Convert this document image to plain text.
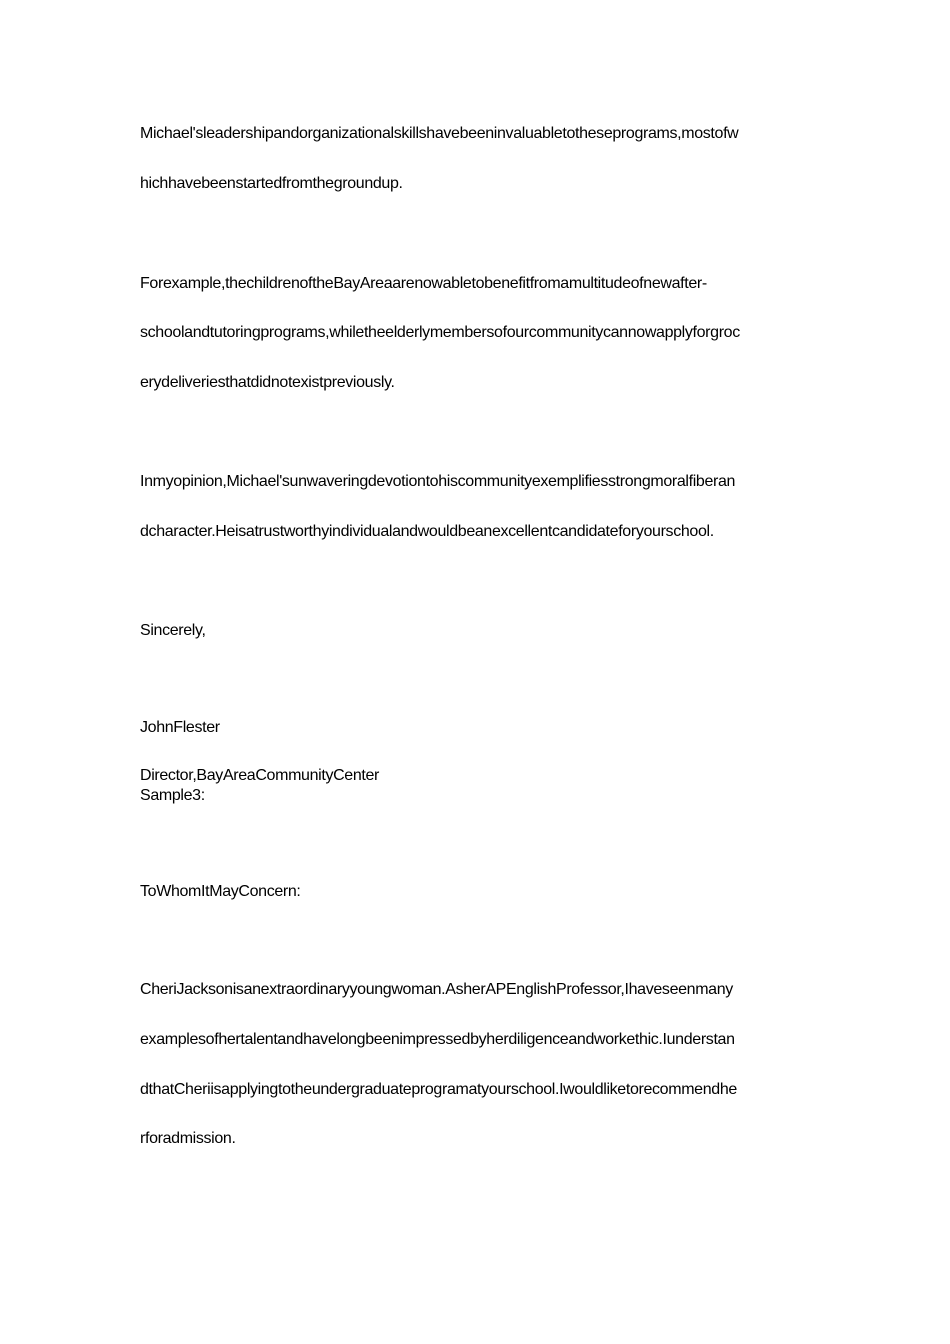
Michael'sleadershipandorganizationalskillshavebeeninvaluabletotheseprograms,mostofw
hichhavebeenstartedfromthegroundup.
Forexample,thechildrenoftheBayAreaarenowabletobenefitfromamultitudeofnewafter-
schoolandtutoringprograms,whiletheelderlymembersofourcommunitycannowapplyforgroc
erydeliveriesthatdidnotexistpreviously.
Inmyopinion,Michael'sunwaveringdevotiontohiscommunityexemplifiesstrongmoralfiberan
dcharacter.Heisatrustworthyindividualandwouldbeanexcellentcandidateforyourschool.
Sincerely,
JohnFlester
Director,BayAreaCommunityCenter
Sample3:
ToWhomItMayConcern:
CheriJacksonisanextraordinaryyoungwoman.AsherAPEnglishProfessor,Ihaveseenmany
examplesofhertalentandhavelongbeenimpressedbyherdiligenceandworkethic.Iunderstan
dthatCheriisapplyingtotheundergraduateprogramatyourschool.Iwouldliketorecommendhe
rforadmission.
